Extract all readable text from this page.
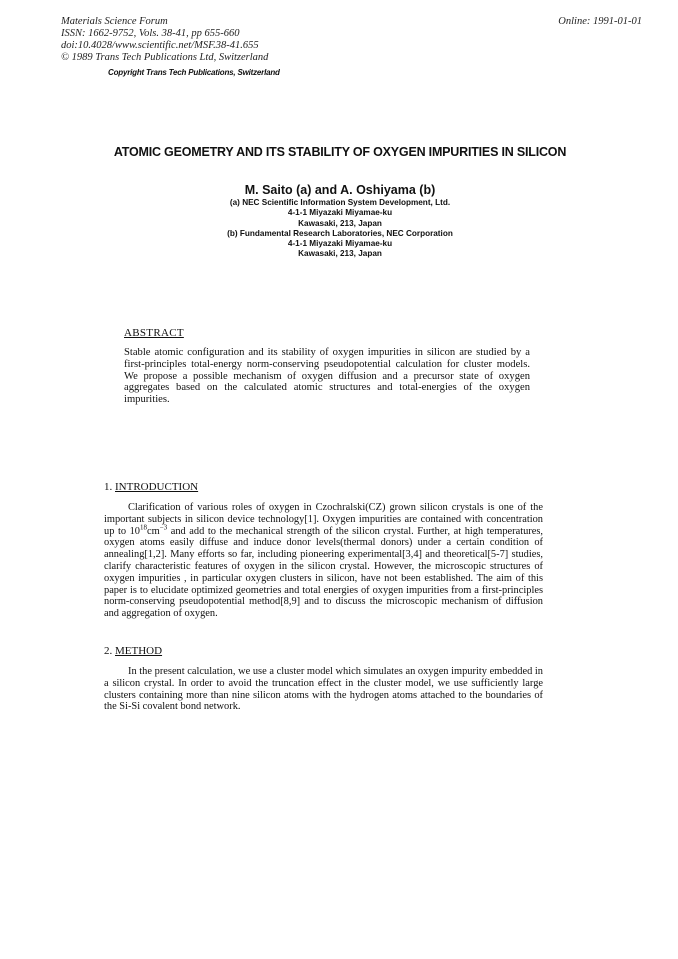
Materials Science Forum
ISSN: 1662-9752, Vols. 38-41, pp 655-660
doi:10.4028/www.scientific.net/MSF.38-41.655
© 1989 Trans Tech Publications Ltd, Switzerland
Online: 1991-01-01
Copyright Trans Tech Publications, Switzerland
ATOMIC GEOMETRY AND ITS STABILITY OF OXYGEN IMPURITIES IN SILICON
M. Saito (a) and A. Oshiyama (b)
(a) NEC Scientific Information System Development, Ltd.
4-1-1 Miyazaki Miyamae-ku
Kawasaki, 213, Japan
(b) Fundamental Research Laboratories, NEC Corporation
4-1-1 Miyazaki Miyamae-ku
Kawasaki, 213, Japan
ABSTRACT
Stable atomic configuration and its stability of oxygen impurities in silicon are studied by a first-principles total-energy norm-conserving pseudopotential calculation for cluster models. We propose a possible mechanism of oxygen diffusion and a precursor state of oxygen aggregates based on the calculated atomic structures and total-energies of the oxygen impurities.
1. INTRODUCTION
Clarification of various roles of oxygen in Czochralski(CZ) grown silicon crystals is one of the important subjects in silicon device technology[1]. Oxygen impurities are contained with concentration up to $10^{18}cm^{-3}$ and add to the mechanical strength of the silicon crystal. Further, at high temperatures, oxygen atoms easily diffuse and induce donor levels(thermal donors) under a certain condition of annealing[1,2]. Many efforts so far, including pioneering experimental[3,4] and theoretical[5-7] studies, clarify characteristic features of oxygen in the silicon crystal. However, the microscopic structures of oxygen impurities , in particular oxygen clusters in silicon, have not been established. The aim of this paper is to elucidate optimized geometries and total energies of oxygen impurities from a first-principles norm-conserving pseudopotential method[8,9] and to discuss the microscopic mechanism of diffusion and aggregation of oxygen.
2. METHOD
In the present calculation, we use a cluster model which simulates an oxygen impurity embedded in a silicon crystal. In order to avoid the truncation effect in the cluster model, we use sufficiently large clusters containing more than nine silicon atoms with the hydrogen atoms attached to the boundaries of the Si-Si covalent bond network.
